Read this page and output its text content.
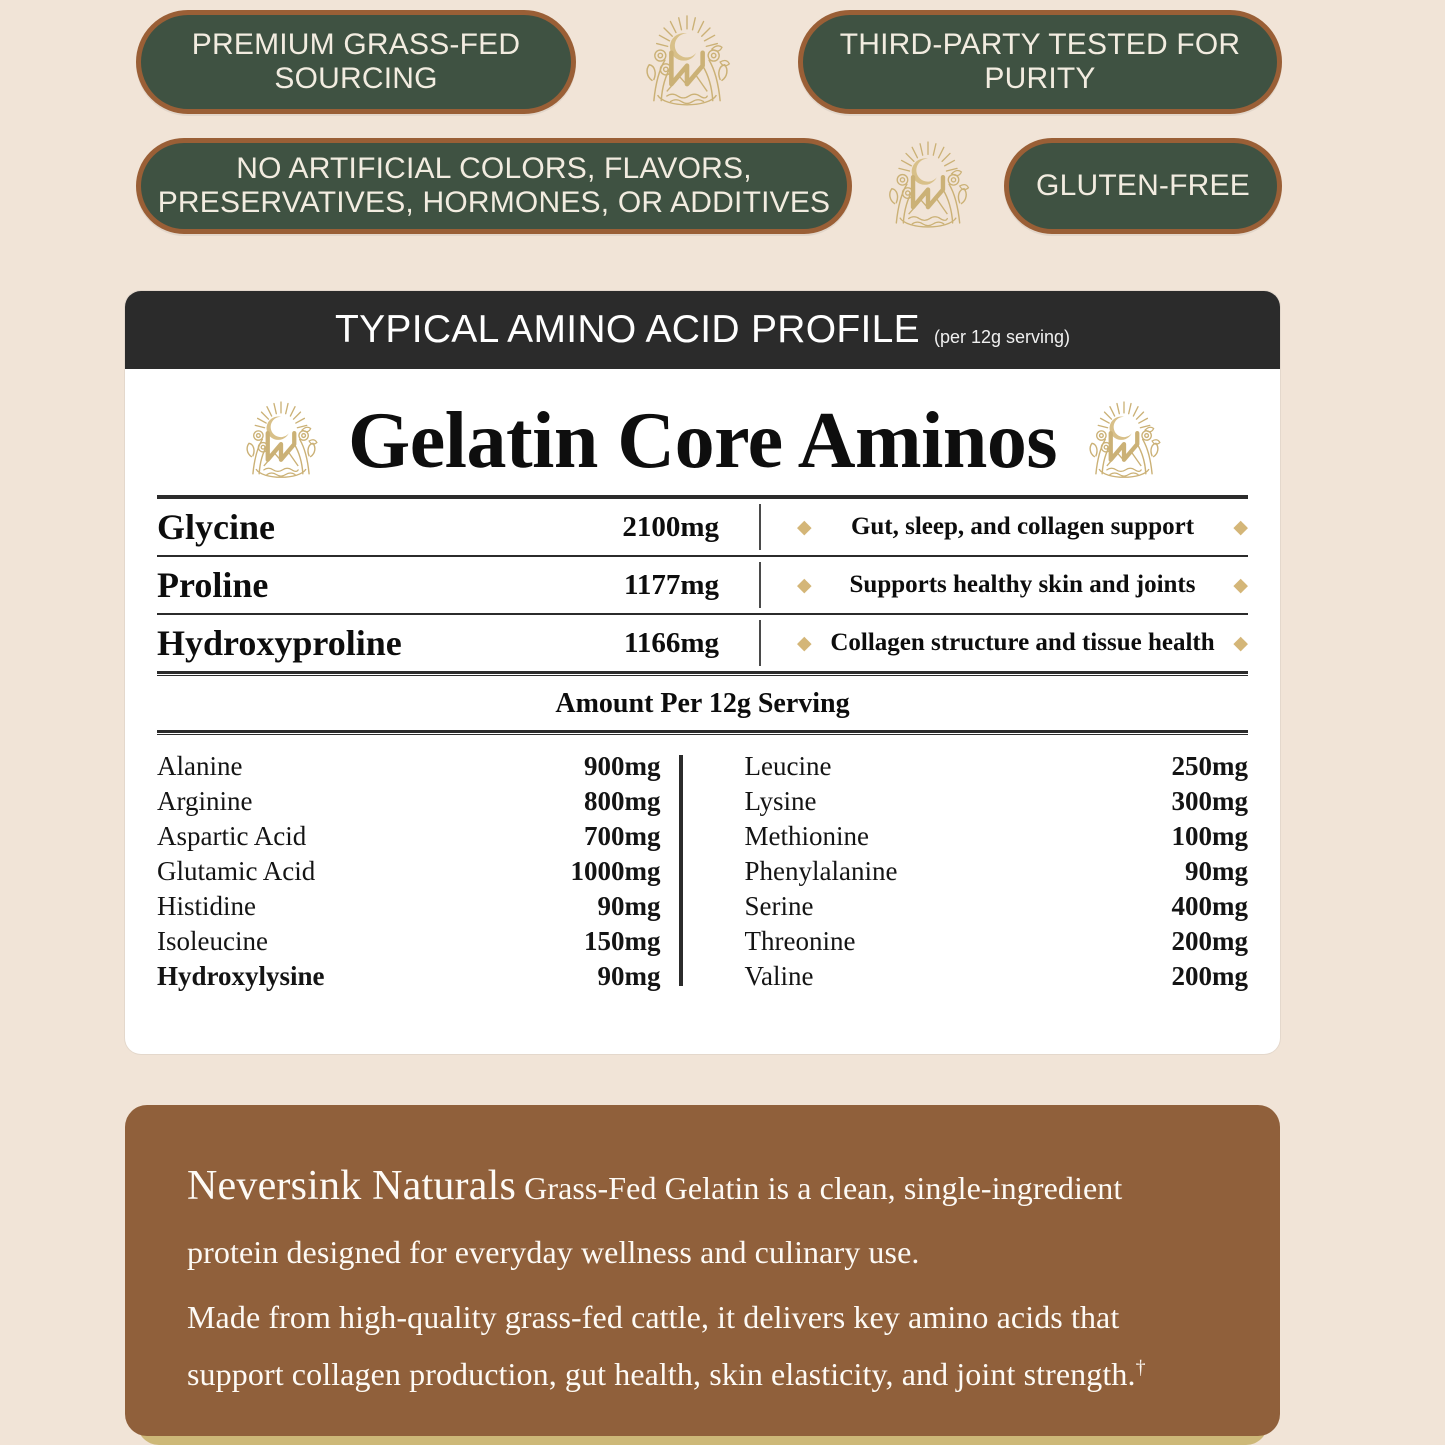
PREMIUM GRASS-FED SOURCING
THIRD-PARTY TESTED FOR PURITY
NO ARTIFICIAL COLORS, FLAVORS, PRESERVATIVES, HORMONES, OR ADDITIVES
GLUTEN-FREE
TYPICAL AMINO ACID PROFILE (per 12g serving)
Gelatin Core Aminos
Glycine	2100mg	◆	Gut, sleep, and collagen support	◆
Proline	1177mg	◆	Supports healthy skin and joints	◆
Hydroxyproline	1166mg	◆ Collagen structure and tissue health ◆
Amount Per 12g Serving
Alanine	900mg
Arginine	800mg
Aspartic Acid	700mg
Glutamic Acid	1000mg
Histidine	90mg
Isoleucine	150mg
Hydroxylysine	90mg
Leucine	250mg
Lysine	300mg
Methionine	100mg
Phenylalanine	90mg
Serine	400mg
Threonine	200mg
Valine	200mg

Neversink Naturals Grass-Fed Gelatin is a clean, single-ingredient protein designed for everyday wellness and culinary use.

Made from high-quality grass-fed cattle, it delivers key amino acids that support collagen production, gut health, skin elasticity, and joint strength.†
